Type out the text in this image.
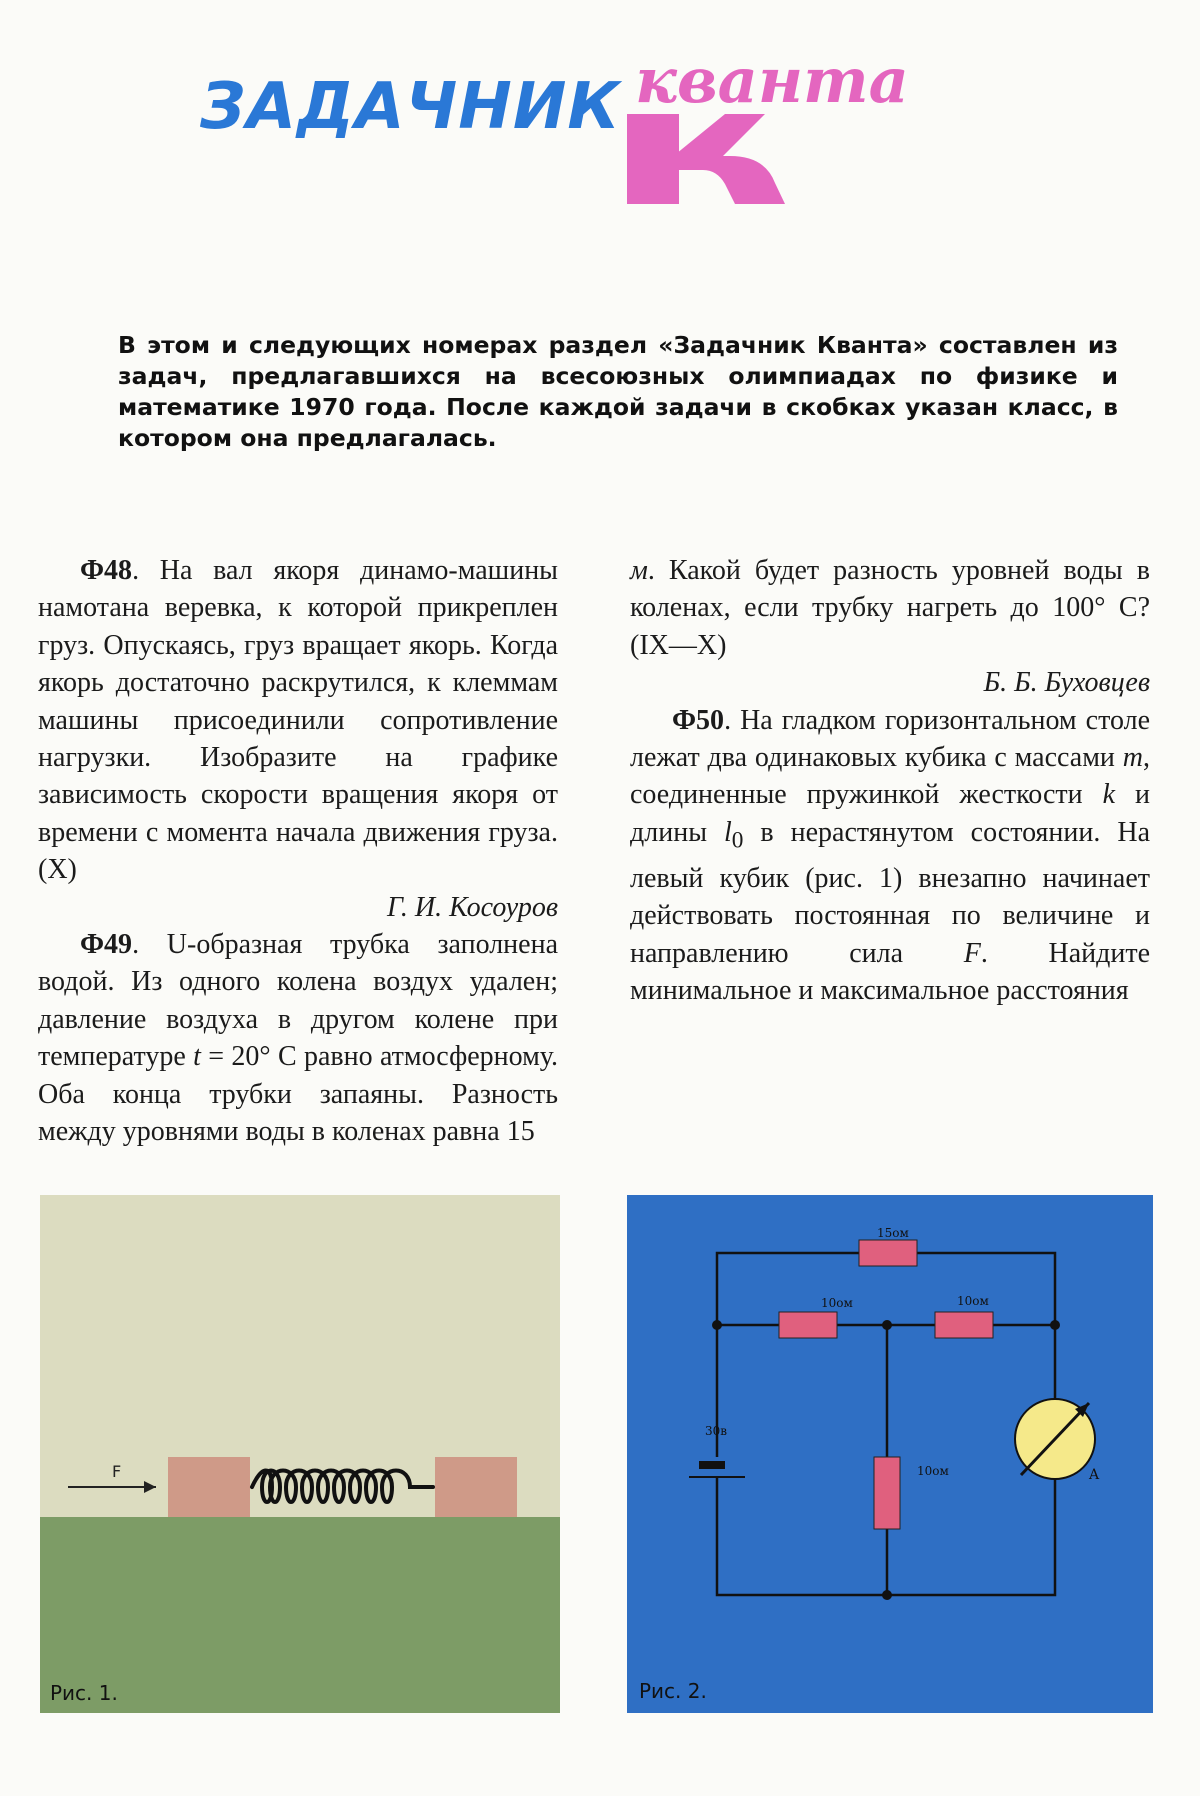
ЗАДАЧНИК кванта
В этом и следующих номерах раздел «Задачник Кванта» составлен из задач, предлагавшихся на всесоюзных олимпиадах по физике и математике 1970 года. После каждой задачи в скобках указан класс, в котором она предлагалась.

Ф48. На вал якоря динамо-машины намотана веревка, к которой прикреплен груз. Опускаясь, груз вращает якорь. Когда якорь достаточно раскрутился, к клеммам машины присоединили сопротивление нагрузки. Изобразите на графике зависимость скорости вращения якоря от времени с момента начала движения груза. (X)

Г. И. Косоуров

Ф49. U-образная трубка заполнена водой. Из одного колена воздух удален; давление воздуха в другом колене при температуре t = 20° C равно атмосферному. Оба конца трубки запаяны. Разность между уровнями воды в коленах равна 15

м. Какой будет разность уровней воды в коленах, если трубку нагреть до 100° C? (IX—X)

Б. Б. Буховцев

Ф50. На гладком горизонтальном столе лежат два одинаковых кубика с массами m, соединенные пружинкой жесткости k и длины $l_0$ в нерастянутом состоянии. На левый кубик (рис. 1) внезапно начинает действовать постоянная по величине и направлению сила F. Найдите минимальное и максимальное расстояния

F
Рис. 1.
15ом
10ом	10ом
10ом
30в
A
Рис. 2.
